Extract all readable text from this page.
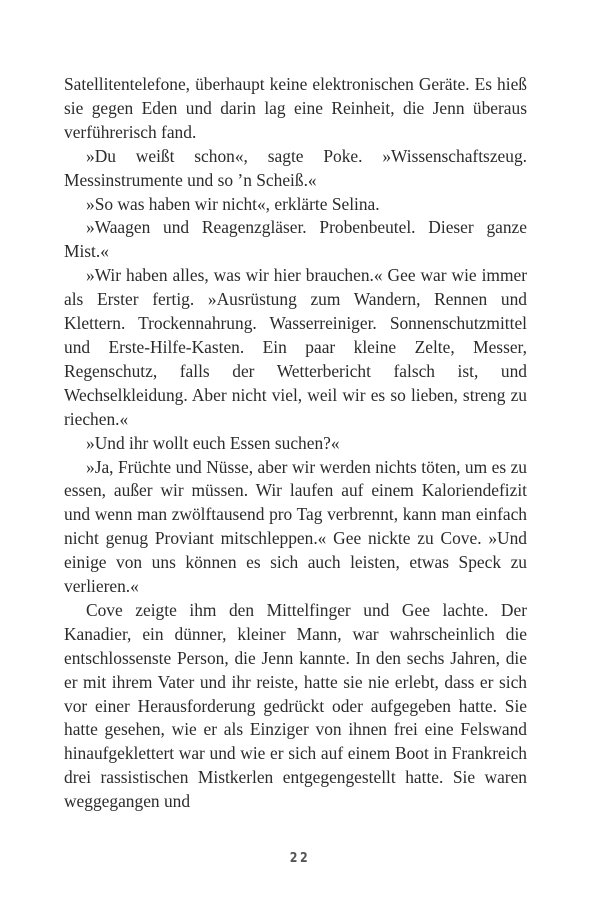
Satellitentelefone, überhaupt keine elektronischen Geräte. Es hieß sie gegen Eden und darin lag eine Reinheit, die Jenn überaus verführerisch fand.

»Du weißt schon«, sagte Poke. »Wissenschaftszeug. Messinstrumente und so ’n Scheiß.«

»So was haben wir nicht«, erklärte Selina.

»Waagen und Reagenzgläser. Probenbeutel. Dieser ganze Mist.«

»Wir haben alles, was wir hier brauchen.« Gee war wie immer als Erster fertig. »Ausrüstung zum Wandern, Rennen und Klettern. Trockennahrung. Wasserreiniger. Sonnenschutzmittel und Erste-Hilfe-Kasten. Ein paar kleine Zelte, Messer, Regenschutz, falls der Wetterbericht falsch ist, und Wechselkleidung. Aber nicht viel, weil wir es so lieben, streng zu riechen.«

»Und ihr wollt euch Essen suchen?«

»Ja, Früchte und Nüsse, aber wir werden nichts töten, um es zu essen, außer wir müssen. Wir laufen auf einem Kaloriendefizit und wenn man zwölftausend pro Tag verbrennt, kann man einfach nicht genug Proviant mitschleppen.« Gee nickte zu Cove. »Und einige von uns können es sich auch leisten, etwas Speck zu verlieren.«

Cove zeigte ihm den Mittelfinger und Gee lachte. Der Kanadier, ein dünner, kleiner Mann, war wahrscheinlich die entschlossenste Person, die Jenn kannte. In den sechs Jahren, die er mit ihrem Vater und ihr reiste, hatte sie nie erlebt, dass er sich vor einer Herausforderung gedrückt oder aufgegeben hatte. Sie hatte gesehen, wie er als Einziger von ihnen frei eine Felswand hinaufgeklettert war und wie er sich auf einem Boot in Frankreich drei rassistischen Mistkerlen entgegengestellt hatte. Sie waren weggegangen und

22
